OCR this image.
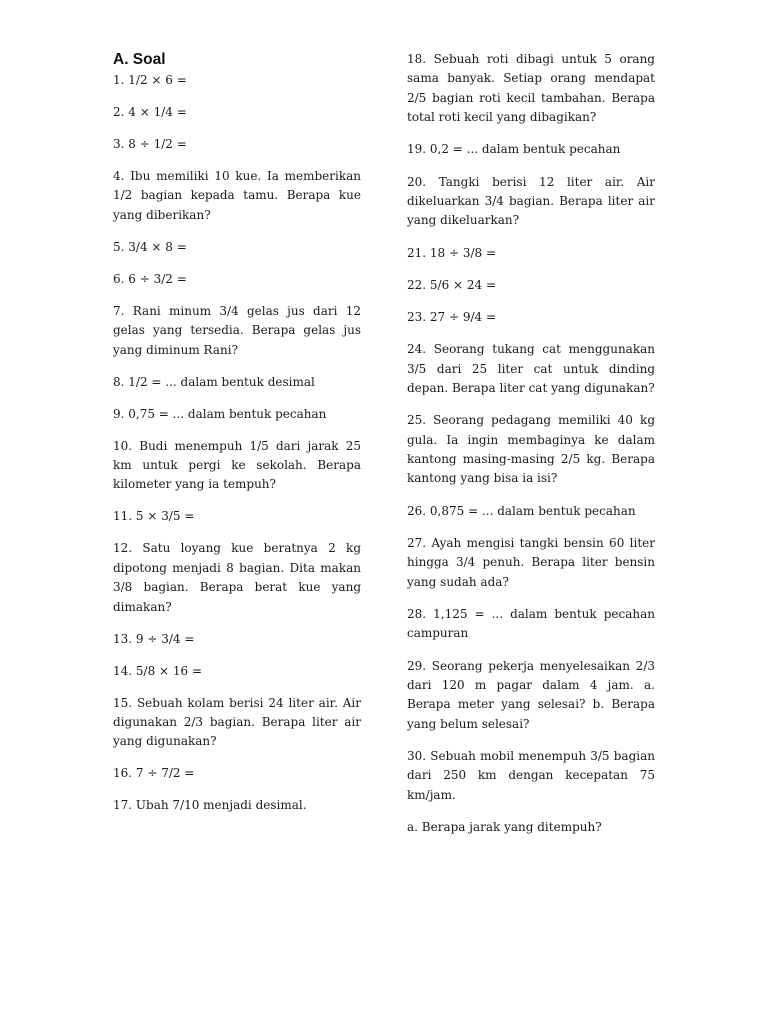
A. Soal

1. 1/2 × 6 =

2. 4 × 1/4 =

3. 8 ÷ 1/2 =

4. Ibu memiliki 10 kue. Ia memberikan 1/2 bagian kepada tamu. Berapa kue yang diberikan?

5. 3/4 × 8 =

6. 6 ÷ 3/2 =

7. Rani minum 3/4 gelas jus dari 12 gelas yang tersedia. Berapa gelas jus yang diminum Rani?

8. 1/2 = ... dalam bentuk desimal

9. 0,75 = ... dalam bentuk pecahan

10. Budi menempuh 1/5 dari jarak 25 km untuk pergi ke sekolah. Berapa kilometer yang ia tempuh?

11. 5 × 3/5 =

12. Satu loyang kue beratnya 2 kg dipotong menjadi 8 bagian. Dita makan 3/8 bagian. Berapa berat kue yang dimakan?

13. 9 ÷ 3/4 =

14. 5/8 × 16 =

15. Sebuah kolam berisi 24 liter air. Air digunakan 2/3 bagian. Berapa liter air yang digunakan?

16. 7 ÷ 7/2 =

17. Ubah 7/10 menjadi desimal.

18. Sebuah roti dibagi untuk 5 orang sama banyak. Setiap orang mendapat 2/5 bagian roti kecil tambahan. Berapa total roti kecil yang dibagikan?

19. 0,2 = ... dalam bentuk pecahan

20. Tangki berisi 12 liter air. Air dikeluarkan 3/4 bagian. Berapa liter air yang dikeluarkan?

21. 18 ÷ 3/8 =

22. 5/6 × 24 =

23. 27 ÷ 9/4 =

24. Seorang tukang cat menggunakan 3/5 dari 25 liter cat untuk dinding depan. Berapa liter cat yang digunakan?

25. Seorang pedagang memiliki 40 kg gula. Ia ingin membaginya ke dalam kantong masing-masing 2/5 kg. Berapa kantong yang bisa ia isi?

26. 0,875 = ... dalam bentuk pecahan

27. Ayah mengisi tangki bensin 60 liter hingga 3/4 penuh. Berapa liter bensin yang sudah ada?

28. 1,125 = ... dalam bentuk pecahan campuran

29. Seorang pekerja menyelesaikan 2/3 dari 120 m pagar dalam 4 jam. a. Berapa meter yang selesai? b. Berapa yang belum selesai?

30. Sebuah mobil menempuh 3/5 bagian dari 250 km dengan kecepatan 75 km/jam.

a. Berapa jarak yang ditempuh?
